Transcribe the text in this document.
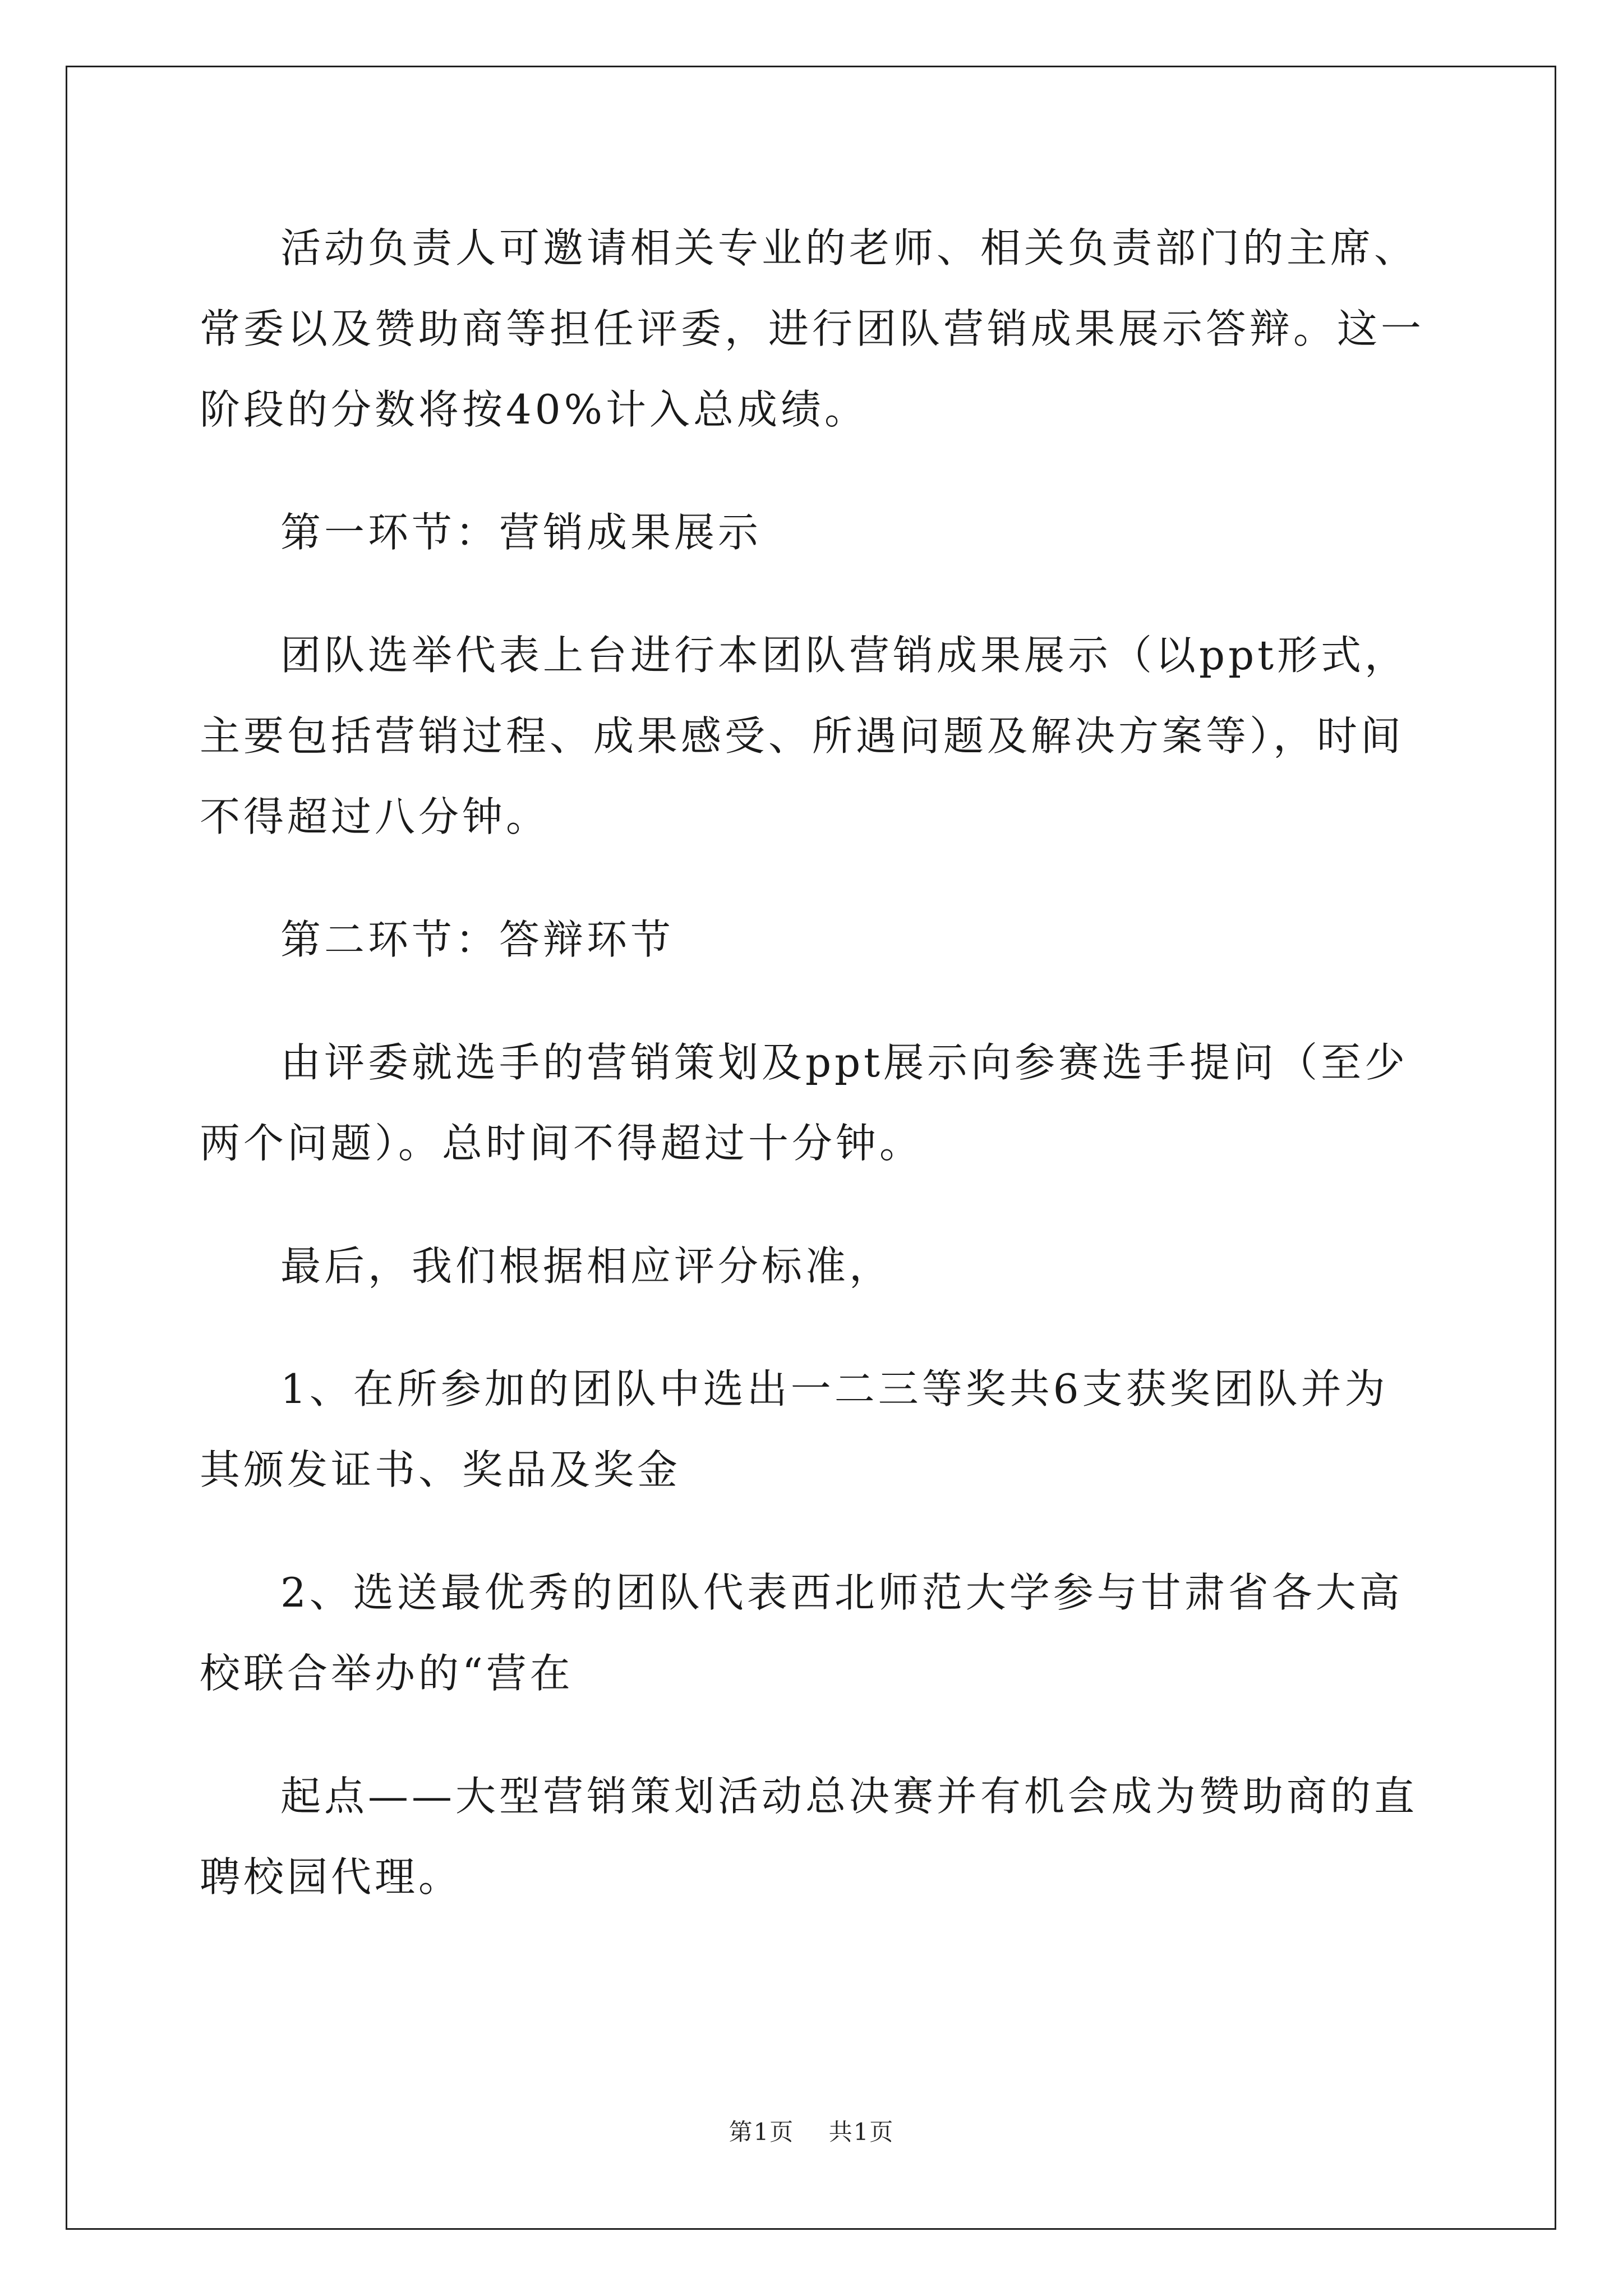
活动负责人可邀请相关专业的老师、相关负责部门的主席、常委以及赞助商等担任评委，进行团队营销成果展示答辩。这一阶段的分数将按40%计入总成绩。

第一环节：营销成果展示

团队选举代表上台进行本团队营销成果展示（以ppt形式，主要包括营销过程、成果感受、所遇问题及解决方案等），时间不得超过八分钟。

第二环节：答辩环节

由评委就选手的营销策划及ppt展示向参赛选手提问（至少两个问题）。总时间不得超过十分钟。

最后，我们根据相应评分标准，

1、在所参加的团队中选出一二三等奖共6支获奖团队并为其颁发证书、奖品及奖金

2、选送最优秀的团队代表西北师范大学参与甘肃省各大高校联合举办的“营在

起点——大型营销策划活动总决赛并有机会成为赞助商的直聘校园代理。

第1页 共1页
